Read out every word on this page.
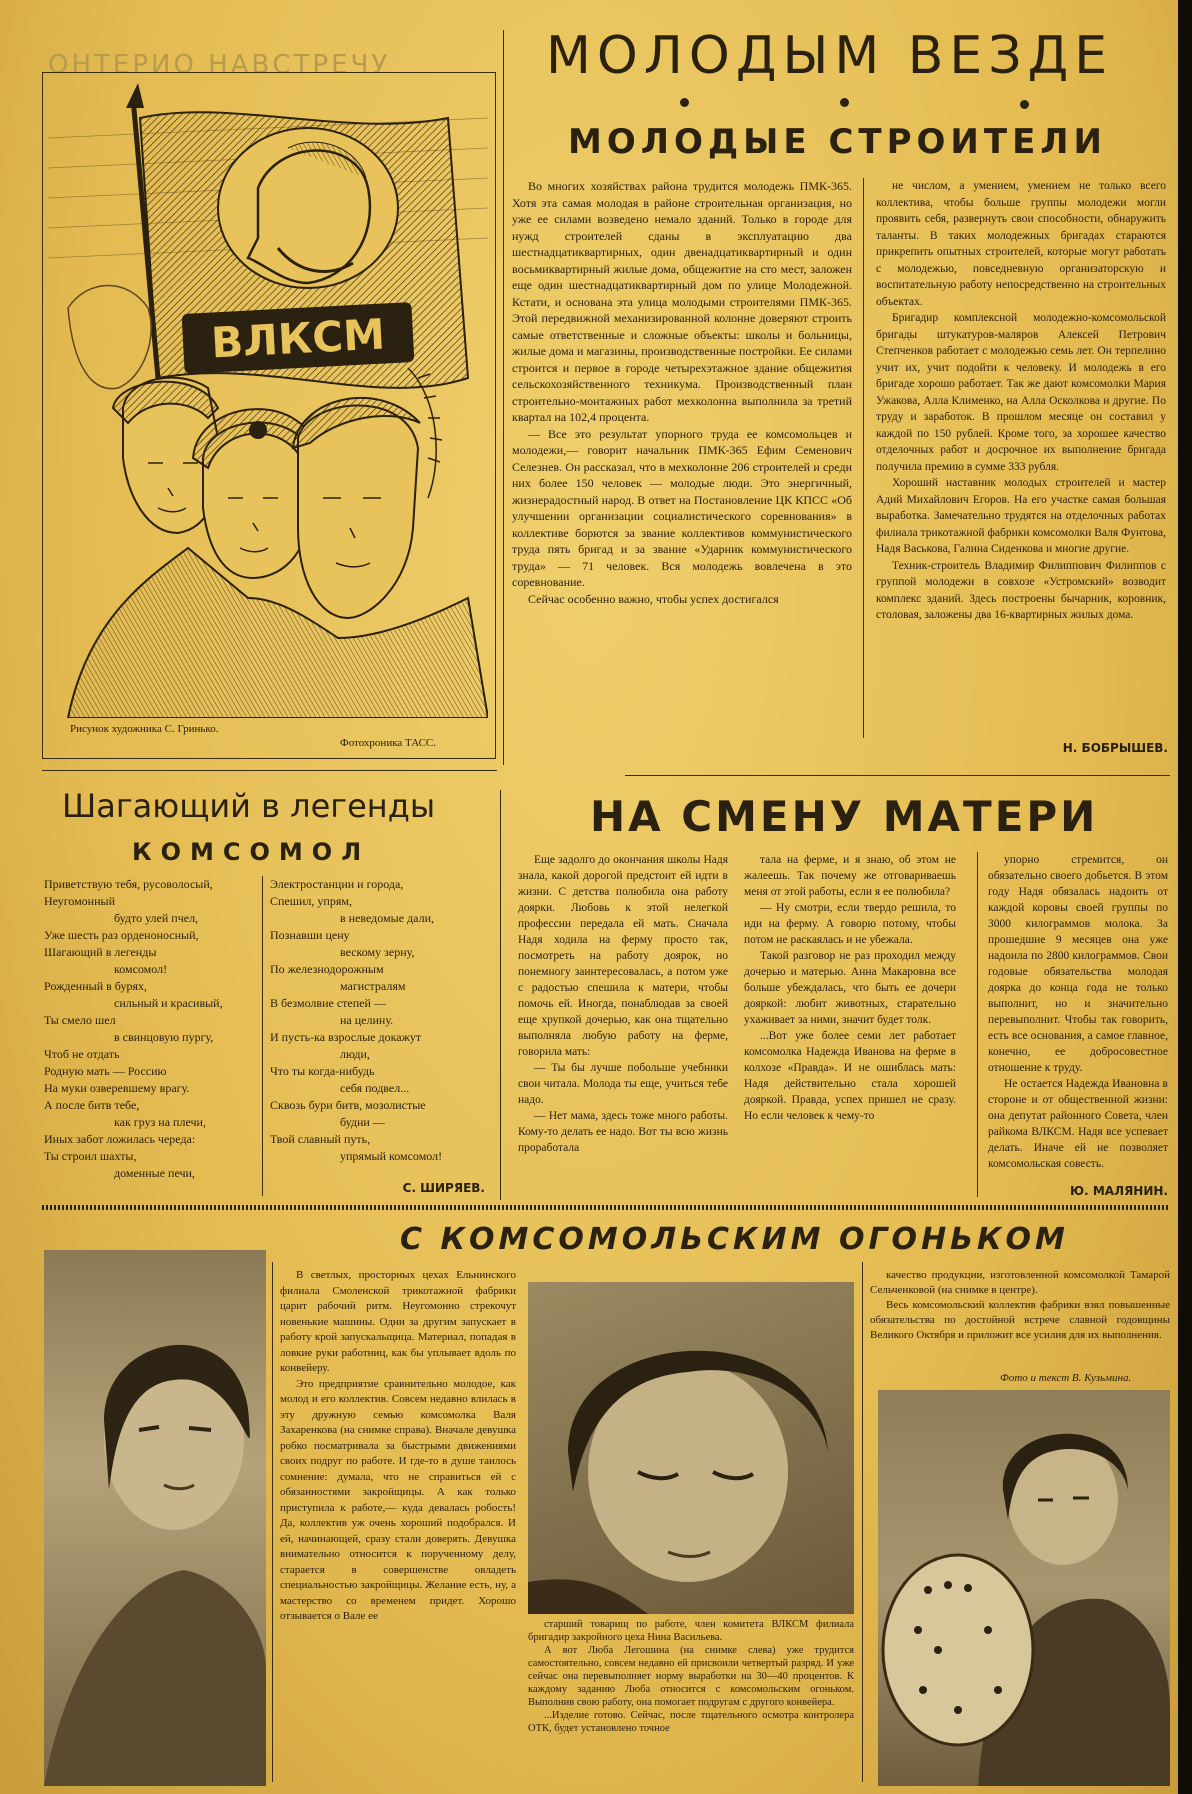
ОНТЕРИО НАВСТРЕЧУ
ВЛКСМ
Рисунок художника С. Гринько.
Фотохроника ТАСС.
МОЛОДЫМ ВЕЗДЕ
МОЛОДЫЕ СТРОИТЕЛИ

Во многих хозяйствах района трудится молодежь ПМК-365. Хотя эта самая молодая в районе строительная организация, но уже ее силами возведено немало зданий. Только в городе для нужд строителей сданы в эксплуатацию два шестнадцатиквартирных, один двенадцатиквартирный и один восьмиквартирный жилые дома, общежитие на сто мест, заложен еще один шестнадцатиквартирный дом по улице Молодежной. Кстати, и основана эта улица молодыми строителями ПМК-365. Этой передвижной механизированной колонне доверяют строить самые ответственные и сложные объекты: школы и больницы, жилые дома и магазины, производственные постройки. Ее силами строится и первое в городе четырехэтажное здание общежития сельскохозяйственного техникума. Производственный план строительно-монтажных работ мехколонна выполнила за третий квартал на 102,4 процента.

— Все это результат упорного труда ее комсомольцев и молодежи,— говорит начальник ПМК-365 Ефим Семенович Селезнев. Он рассказал, что в мехколонне 206 строителей и среди них более 150 человек — молодые люди. Это энергичный, жизнерадостный народ. В ответ на Постановление ЦК КПСС «Об улучшении организации социалистического соревнования» в коллективе борются за звание коллективов коммунистического труда пять бригад и за звание «Ударник коммунистического труда» — 71 человек. Вся молодежь вовлечена в это соревнование.

Сейчас особенно важно, чтобы успех достигался

не числом, а умением, умением не только всего коллектива, чтобы больше группы молодежи могли проявить себя, развернуть свои способности, обнаружить таланты. В таких молодежных бригадах стараются прикрепить опытных строителей, которые могут работать с молодежью, повседневную организаторскую и воспитательную работу непосредственно на строительных объектах.

Бригадир комплексной молодежно-комсомольской бригады штукатуров-маляров Алексей Петрович Степченков работает с молодежью семь лет. Он терпелино учит их, учит подойти к человеку. И молодежь в его бригаде хорошо работает. Так же дают комсомолки Мария Ужакова, Алла Клименко, на Алла Осколкова и другие. По труду и заработок. В прошлом месяце он составил у каждой по 150 рублей. Кроме того, за хорошее качество отделочных работ и досрочное их выполнение бригада получила премию в сумме 333 рубля.

Хороший наставник молодых строителей и мастер Адий Михайлович Егоров. На его участке самая большая выработка. Замечательно трудятся на отделочных работах филиала трикотажной фабрики комсомолки Валя Фунтова, Надя Васькова, Галина Сиденкова и многие другие.

Техник-строитель Владимир Филиппович Филиппов с группой молодежи в совхозе «Устромский» возводит комплекс зданий. Здесь построены бычарник, коровник, столовая, заложены два 16-квартирных жилых дома.

Н. БОБРЫШЕВ.
Шагающий в легенды
КОМСОМОЛ
Приветствую тебя, русоволосый,
Неугомонный
будто улей пчел,
Уже шесть раз орденоносный,
Шагающий в легенды
комсомол!
Рожденный в бурях,
сильный и красивый,
Ты смело шел
в свинцовую пургу,
Чтоб не отдать
Родную мать — Россию
На муки озверевшему врагу.
А после битв тебе,
как груз на плечи,
Иных забот ложилась череда:
Ты строил шахты,
доменные печи,
Электростанции и города,
Спешил, упрям,
в неведомые дали,
Познавши цену
вескому зерну,
По железнодорожным
магистралям
В безмолвие степей —
на целину.
И пусть-ка взрослые докажут
люди,
Что ты когда-нибудь
себя подвел...
Сквозь бури битв, мозолистые
будни —
Твой славный путь,
упрямый комсомол!
С. ШИРЯЕВ.
НА СМЕНУ МАТЕРИ

Еще задолго до окончания школы Надя знала, какой дорогой предстоит ей идти в жизни. С детства полюбила она работу доярки. Любовь к этой нелегкой профессии передала ей мать. Сначала Надя ходила на ферму просто так, посмотреть на работу доярок, но понемногу заинтересовалась, а потом уже с радостью спешила к матери, чтобы помочь ей. Иногда, понаблюдав за своей еще хрупкой дочерью, как она тщательно выполняла любую работу на ферме, говорила мать:

— Ты бы лучше побольше учебники свои читала. Молода ты еще, учиться тебе надо.

— Нет мама, здесь тоже много работы. Кому-то делать ее надо. Вот ты всю жизнь проработала

тала на ферме, и я знаю, об этом не жалеешь. Так почему же отговариваешь меня от этой работы, если я ее полюбила?

— Ну смотри, если твердо решила, то иди на ферму. А говорю потому, чтобы потом не раскаялась и не убежала.

Такой разговор не раз проходил между дочерью и матерью. Анна Макаровна все больше убеждалась, что быть ее дочери дояркой: любит животных, старательно ухаживает за ними, значит будет толк.

...Вот уже более семи лет работает комсомолка Надежда Иванова на ферме в колхозе «Правда». И не ошиблась мать: Надя действительно стала хорошей дояркой. Правда, успех пришел не сразу. Но если человек к чему-то

упорно стремится, он обязательно своего добьется. В этом году Надя обязалась надоить от каждой коровы своей группы по 3000 килограммов молока. За прошедшие 9 месяцев она уже надоила по 2800 килограммов. Свои годовые обязательства молодая доярка до конца года не только выполнит, но и значительно перевыполнит. Чтобы так говорить, есть все основания, а самое главное, конечно, ее добросовестное отношение к труду.

Не остается Надежда Ивановна в стороне и от общественной жизни: она депутат районного Совета, член райкома ВЛКСМ. Надя все успевает делать. Иначе ей не позволяет комсомольская совесть.

Ю. МАЛЯНИН.
С КОМСОМОЛЬСКИМ ОГОНЬКОМ

В светлых, просторных цехах Ельнинского филиала Смоленской трикотажной фабрики царит рабочий ритм. Неугомонно стрекочут новенькие машины. Одни за другим запускает в работу крой запускальщица. Материал, попадая в ловкие руки работниц, как бы уплывает вдоль по конвейеру.

Это предприятие сравнительно молодое, как молод и его коллектив. Совсем недавно влилась в эту дружную семью комсомолка Валя Захаренкова (на снимке справа). Вначале девушка робко посматривала за быстрыми движениями своих подруг по работе. И где-то в душе таилось сомнение: думала, что не справиться ей с обязанностями закройщицы. А как только приступила к работе,— куда девалась робость! Да, коллектив уж очень хороший подобрался. И ей, начинающей, сразу стали доверять. Девушка внимательно относится к порученному делу, старается в совершенстве овладеть специальностью закройщицы. Желание есть, ну, а мастерство со временем придет. Хорошо отзывается о Вале ее

старший товарищ по работе, член комитета ВЛКСМ филиала бригадир закройного цеха Нина Васильева.

А вот Люба Легошина (на снимке слева) уже трудится самостоятельно, совсем недавно ей присвоили четвертый разряд. И уже сейчас она перевыполняет норму выработки на 30—40 процентов. К каждому заданию Люба относится с комсомольским огоньком. Выполнив свою работу, она помогает подругам с другого конвейера.

...Изделие готово. Сейчас, после тщательного осмотра контролера ОТК, будет установлено точное

качество продукции, изготовленной комсомолкой Тамарой Сельченковой (на снимке в центре).

Весь комсомольский коллектив фабрики взял повышенные обязательства по достойной встрече славной годовщины Великого Октября и приложит все усилия для их выполнения.

Фото и текст В. Кузьмина.
